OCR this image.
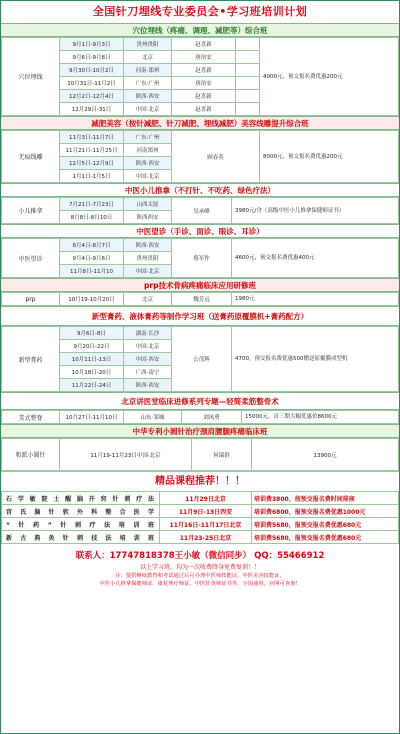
全国针刀埋线专业委员会•学习班培训计划
穴位埋线（疼痛、调理、减肥等）综合班
穴位埋线	9月1日-9月3日	贵州贵阳	赵喜新		4000元，预交报名费优惠200元
	9月6日-9月8日	北京	唐治安		
	9月30日-10月2日	河南·郑州	赵喜新		
	10月31日-11月2日	广东·广州	唐治安		
	12月2日-12月4日	陕西·西安	赵喜新		
	12月29日-31日	中国·北京	赵喜新		
减肥美容（按针减肥、针刀减肥、埋线减肥）美容线雕提升综合班
无痕线雕	11月3日-11月7日	广东·广州	顾春英	8000元，预交报名费优惠200元
	11月21日-11月25日	河南郑州		
	12月5日-12月9日	陕西·西安		
	1月1日-1月5日	中国·北京		
中医小儿推拿（不打针、不吃药、绿色疗法）
小儿推拿	7月21日-7月23日	山西太原	吴承峰	3980元/含（高级中医小儿推拿保健师证书）
	8月8日-8月10日	陕西西安		
中医望诊（手诊、面诊、眼诊、耳诊）
中医望诊	8月4日-8月7日	陕西·西安	蔡军作	4600元，预交报名费优惠400元
	9月4日-9月6日	贵州贵阳		
	11月8日-11月10	中国·北京		
prp技术骨病疼痛临床应用研修班
prp	10月19-10月20日	北京	魏芳远	1980元
新型膏药、液体膏药等制作学习班（送膏药原覆膜机+膏药配方）
新型膏药	9月6日-8日	湖南·长沙	公茂辉	4700，预交报名费优惠500赠送原覆膜成型机
	9月20日-22日	中国·北京		
	10月11日-13日	中国·西安		
	10月18日-20日	广西·南宁		
	11月22日-24日	陕西·西安		
北京讲医堂临床进修系列专题—轻简柔筋整骨术
美式整脊	10月27日-11月10日	山东·邹城	刘凤勇	15000元，首三期大幅优惠价8600元
中华专利小圆针治疗颈肩腰腿疼痛临床班
和派小圆针	11月19-11月23日中国·北京	何瑞群	13900元
精品课程推荐！！！
石学敏院士醒脑开窍针刺疗法	11月29日北京	培训费3800，按预交报名费时间排座
宫氏脑针软外科整合医学	11月9日-13日西安	培训费6800，报预交报名费优惠1000元
“针药”针刺疗法培训班	11月16日-11月17日北京	培训费5680，报预交报名费优惠680元
新古典灸针刺技法培训班	11月23-25日北京	培训费5680，报预交报名费优惠680元
联系人：17747818378王小敏（微信同步） QQ：55466912
以上学习班，均为一次收费终身免费复训！！
注：提供继续教育和考试通过后可办理中医师技能证，中医美容技能证，
中医小儿推拿保健师证、康复理疗师证、中医针灸师证书等，全国通用，官网可查询！
